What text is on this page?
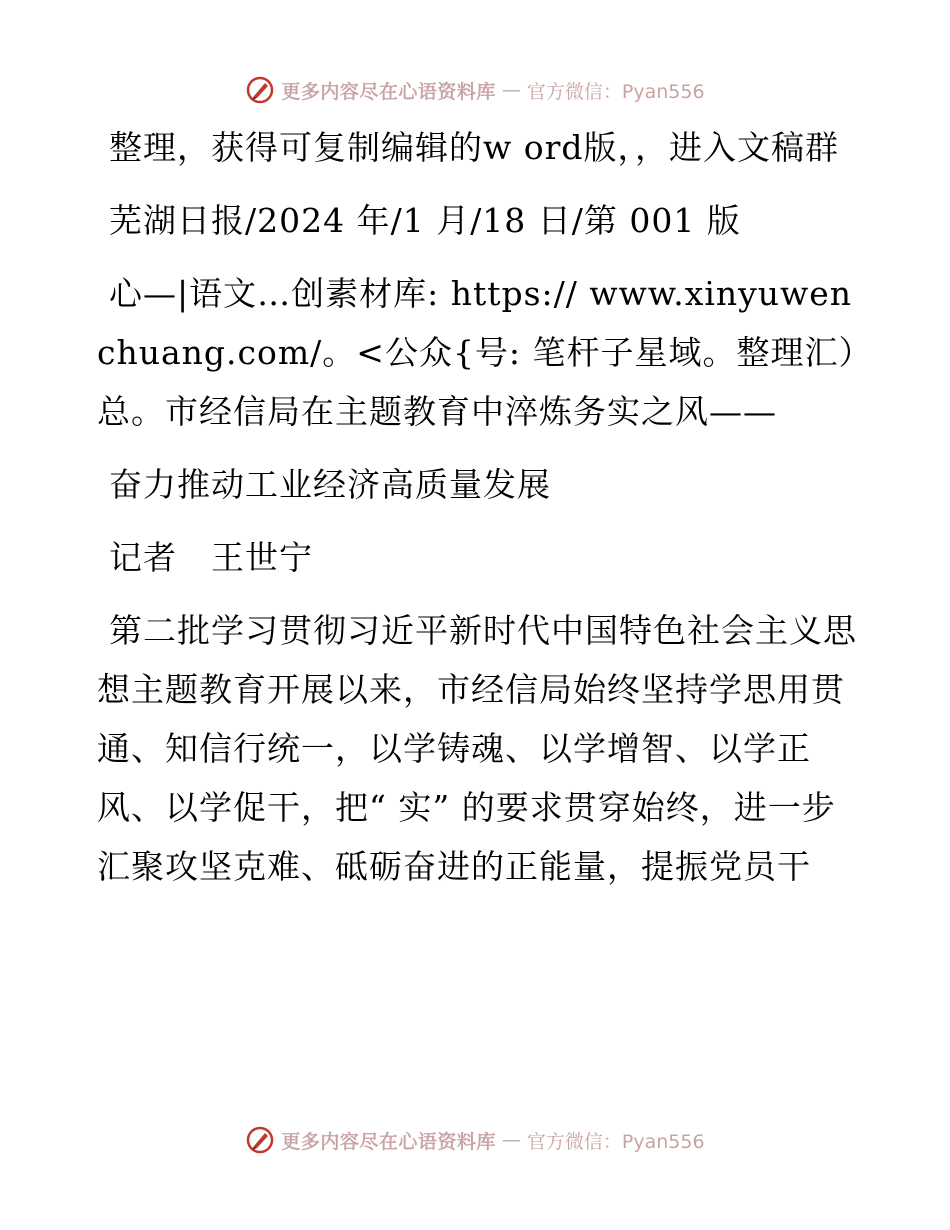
更多内容尽在心语资料库 — 官方微信：Pyan556

整理，获得可复制编辑的w ord版，，进入文稿群

芜湖日报/2024 年/1 月/18 日/第 001 版

心—|语文…创素材库: https:// www.xinyuwenchuang.com/。<公众{号: 笔杆子星域。整理汇）总。市经信局在主题教育中淬炼务实之风——

奋力推动工业经济高质量发展

记者　王世宁

第二批学习贯彻习近平新时代中国特色社会主义思想主题教育开展以来，市经信局始终坚持学思用贯通、知信行统一，以学铸魂、以学增智、以学正风、以学促干，把“ 实” 的要求贯穿始终，进一步汇聚攻坚克难、砥砺奋进的正能量，提振党员干

更多内容尽在心语资料库 — 官方微信：Pyan556
